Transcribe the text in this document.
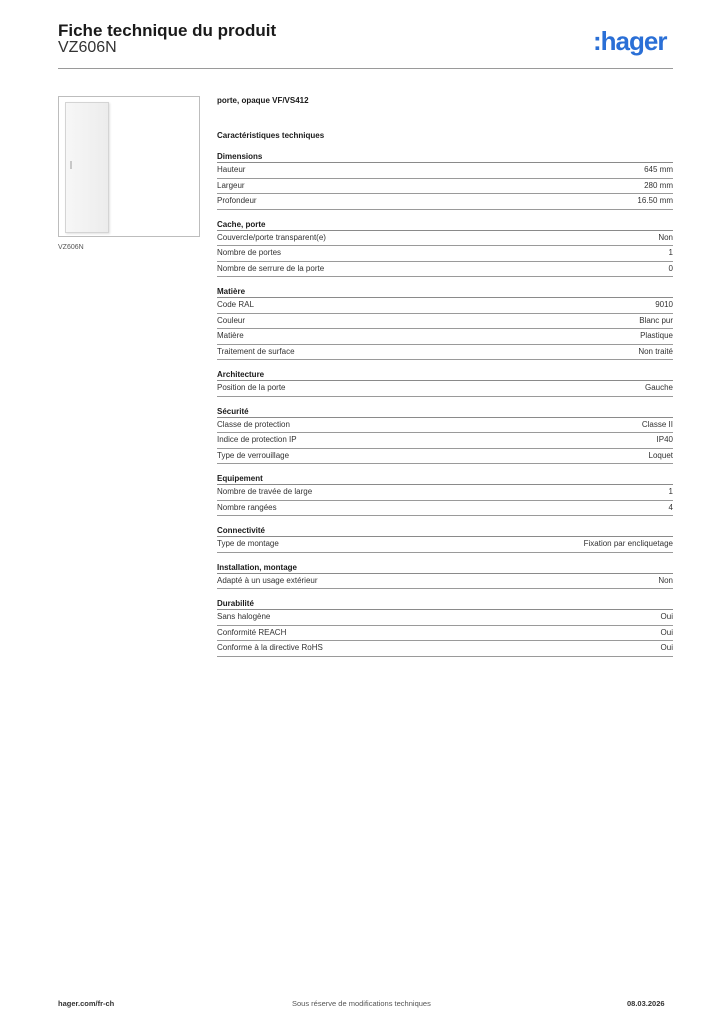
Fiche technique du produit
VZ606N	:hager
VZ606N
porte, opaque VF/VS412
Caractéristiques techniques
Dimensions
Hauteur	645 mm
Largeur	280 mm
Profondeur	16.50 mm
Cache, porte
Couvercle/porte transparent(e)	Non
Nombre de portes	1
Nombre de serrure de la porte	0
Matière
Code RAL	9010
Couleur	Blanc pur
Matière	Plastique
Traitement de surface	Non traité
Architecture
Position de la porte	Gauche
Sécurité
Classe de protection	Classe II
Indice de protection IP	IP40
Type de verrouillage	Loquet
Equipement
Nombre de travée de large	1
Nombre rangées	4
Connectivité
Type de montage	Fixation par encliquetage
Installation, montage
Adapté à un usage extérieur	Non
Durabilité
Sans halogène	Oui
Conformité REACH	Oui
Conforme à la directive RoHS	Oui
hager.com/fr-ch	Sous réserve de modifications techniques	08.03.2026
